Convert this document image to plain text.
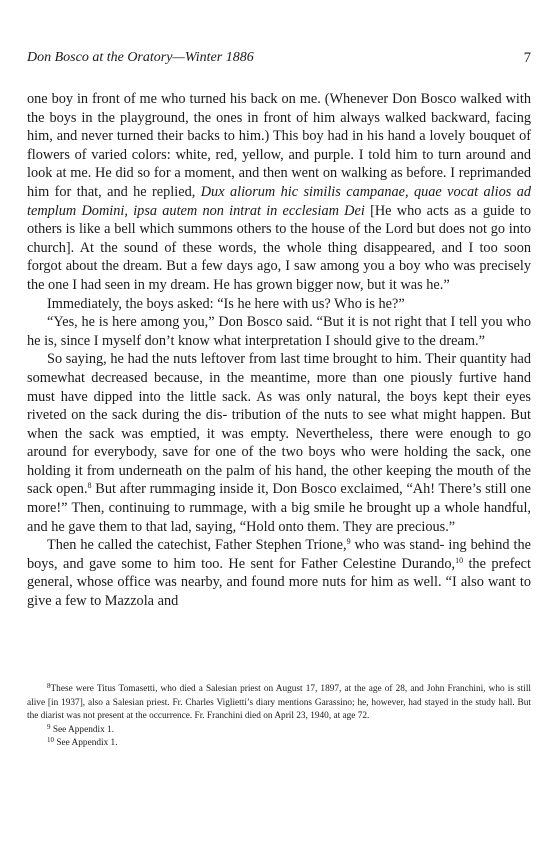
Don Bosco at the Oratory—Winter 1886	7

one boy in front of me who turned his back on me. (Whenever Don Bosco walked with the boys in the playground, the ones in front of him always walked backward, facing him, and never turned their backs to him.) This boy had in his hand a lovely bouquet of flowers of varied colors: white, red, yellow, and purple. I told him to turn around and look at me. He did so for a moment, and then went on walking as before. I reprimanded him for that, and he replied, Dux aliorum hic similis campanae, quae vocat alios ad templum Domini, ipsa autem non intrat in ecclesiam Dei [He who acts as a guide to others is like a bell which summons others to the house of the Lord but does not go into church]. At the sound of these words, the whole thing disappeared, and I too soon forgot about the dream. But a few days ago, I saw among you a boy who was precisely the one I had seen in my dream. He has grown bigger now, but it was he.”

Immediately, the boys asked: “Is he here with us? Who is he?”

“Yes, he is here among you,” Don Bosco said. “But it is not right that I tell you who he is, since I myself don’t know what interpretation I should give to the dream.”

So saying, he had the nuts leftover from last time brought to him. Their quantity had somewhat decreased because, in the meantime, more than one piously furtive hand must have dipped into the little sack. As was only natural, the boys kept their eyes riveted on the sack during the dis- tribution of the nuts to see what might happen. But when the sack was emptied, it was empty. Nevertheless, there were enough to go around for everybody, save for one of the two boys who were holding the sack, one holding it from underneath on the palm of his hand, the other keeping the mouth of the sack open.$^8$ But after rummaging inside it, Don Bosco exclaimed, “Ah! There’s still one more!” Then, continuing to rummage, with a big smile he brought up a whole handful, and he gave them to that lad, saying, “Hold onto them. They are precious.”

Then he called the catechist, Father Stephen Trione,$^9$ who was stand- ing behind the boys, and gave some to him too. He sent for Father Celestine Durando,$^{10}$ the prefect general, whose office was nearby, and found more nuts for him as well. “I also want to give a few to Mazzola and

$^8$These were Titus Tomasetti, who died a Salesian priest on August 17, 1897, at the age of 28, and John Franchini, who is still alive [in 1937], also a Salesian priest. Fr. Charles Viglietti’s diary mentions Garassino; he, however, had stayed in the study hall. But the diarist was not present at the occurrence. Fr. Franchini died on April 23, 1940, at age 72.

$^9$ See Appendix 1.

$^{10}$ See Appendix 1.
